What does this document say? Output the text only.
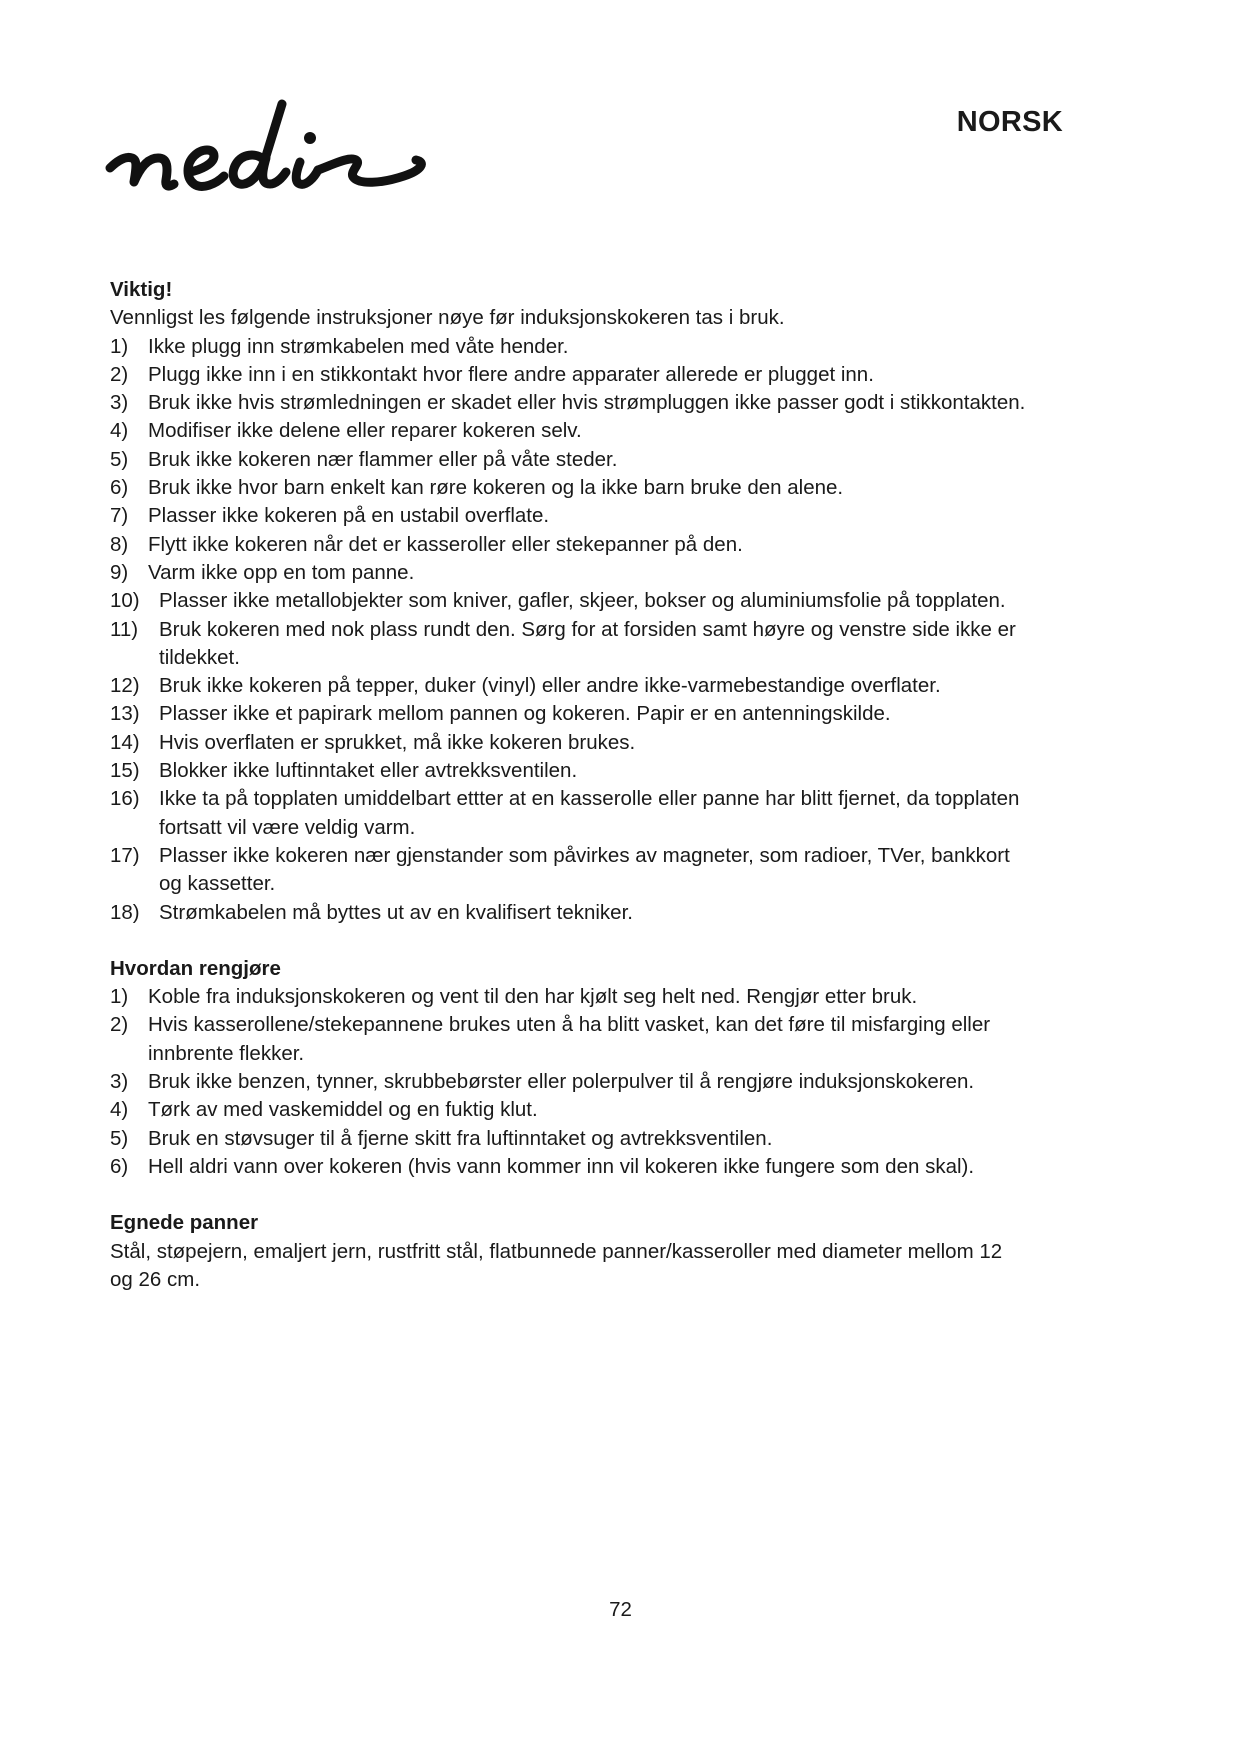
NORSK

Viktig!

Vennligst les følgende instruksjoner nøye før induksjonskokeren tas i bruk.

1) Ikke plugg inn strømkabelen med våte hender.
2) Plugg ikke inn i en stikkontakt hvor flere andre apparater allerede er plugget inn.
3) Bruk ikke hvis strømledningen er skadet eller hvis strømpluggen ikke passer godt i stikkontakten.
4) Modifiser ikke delene eller reparer kokeren selv.
5) Bruk ikke kokeren nær flammer eller på våte steder.
6) Bruk ikke hvor barn enkelt kan røre kokeren og la ikke barn bruke den alene.
7) Plasser ikke kokeren på en ustabil overflate.
8) Flytt ikke kokeren når det er kasseroller eller stekepanner på den.
9) Varm ikke opp en tom panne.
10) Plasser ikke metallobjekter som kniver, gafler, skjeer, bokser og aluminiumsfolie på topplaten.
11)	Bruk kokeren med nok plass rundt den. Sørg for at forsiden samt høyre og venstre side ikke er tildekket.
12) Bruk ikke kokeren på tepper, duker (vinyl) eller andre ikke-varmebestandige overflater.
13) Plasser ikke et papirark mellom pannen og kokeren. Papir er en antenningskilde.
14) Hvis overflaten er sprukket, må ikke kokeren brukes.
15) Blokker ikke luftinntaket eller avtrekksventilen.
16) Ikke ta på topplaten umiddelbart ettter at en kasserolle eller panne har blitt fjernet, da topplaten fortsatt vil være veldig varm.
17) Plasser ikke kokeren nær gjenstander som påvirkes av magneter, som radioer, TVer, bankkort og kassetter.
18) Strømkabelen må byttes ut av en kvalifisert tekniker.

Hvordan rengjøre

1) Koble fra induksjonskokeren og vent til den har kjølt seg helt ned. Rengjør etter bruk.
2) Hvis kasserollene/stekepannene brukes uten å ha blitt vasket, kan det føre til misfarging eller innbrente flekker.
3) Bruk ikke benzen, tynner, skrubbebørster eller polerpulver til å rengjøre induksjonskokeren.
4) Tørk av med vaskemiddel og en fuktig klut.
5) Bruk en støvsuger til å fjerne skitt fra luftinntaket og avtrekksventilen.
6) Hell aldri vann over kokeren (hvis vann kommer inn vil kokeren ikke fungere som den skal).

Egnede panner

Stål, støpejern, emaljert jern, rustfritt stål, flatbunnede panner/kasseroller med diameter mellom 12 og 26 cm.

72
